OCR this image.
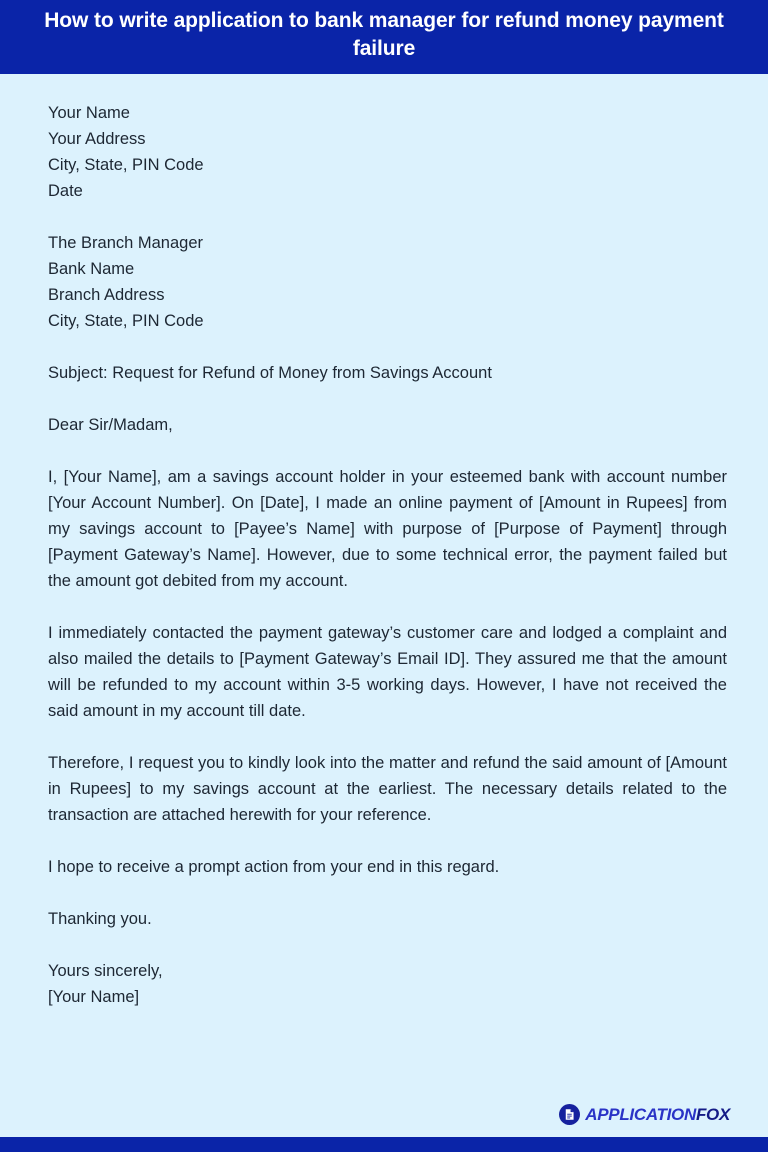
How to write application to bank manager for refund money payment failure
Your Name
Your Address
City, State, PIN Code
Date
The Branch Manager
Bank Name
Branch Address
City, State, PIN Code

Subject: Request for Refund of Money from Savings Account

Dear Sir/Madam,

I, [Your Name], am a savings account holder in your esteemed bank with account number [Your Account Number]. On [Date], I made an online payment of [Amount in Rupees] from my savings account to [Payee’s Name] with purpose of [Purpose of Payment] through [Payment Gateway’s Name]. However, due to some technical error, the payment failed but the amount got debited from my account.

I immediately contacted the payment gateway’s customer care and lodged a complaint and also mailed the details to [Payment Gateway’s Email ID]. They assured me that the amount will be refunded to my account within 3-5 working days. However, I have not received the said amount in my account till date.

Therefore, I request you to kindly look into the matter and refund the said amount of [Amount in Rupees] to my savings account at the earliest. The necessary details related to the transaction are attached herewith for your reference.

I hope to receive a prompt action from your end in this regard.

Thanking you.

Yours sincerely,
[Your Name]
APPLICATIONFOX
